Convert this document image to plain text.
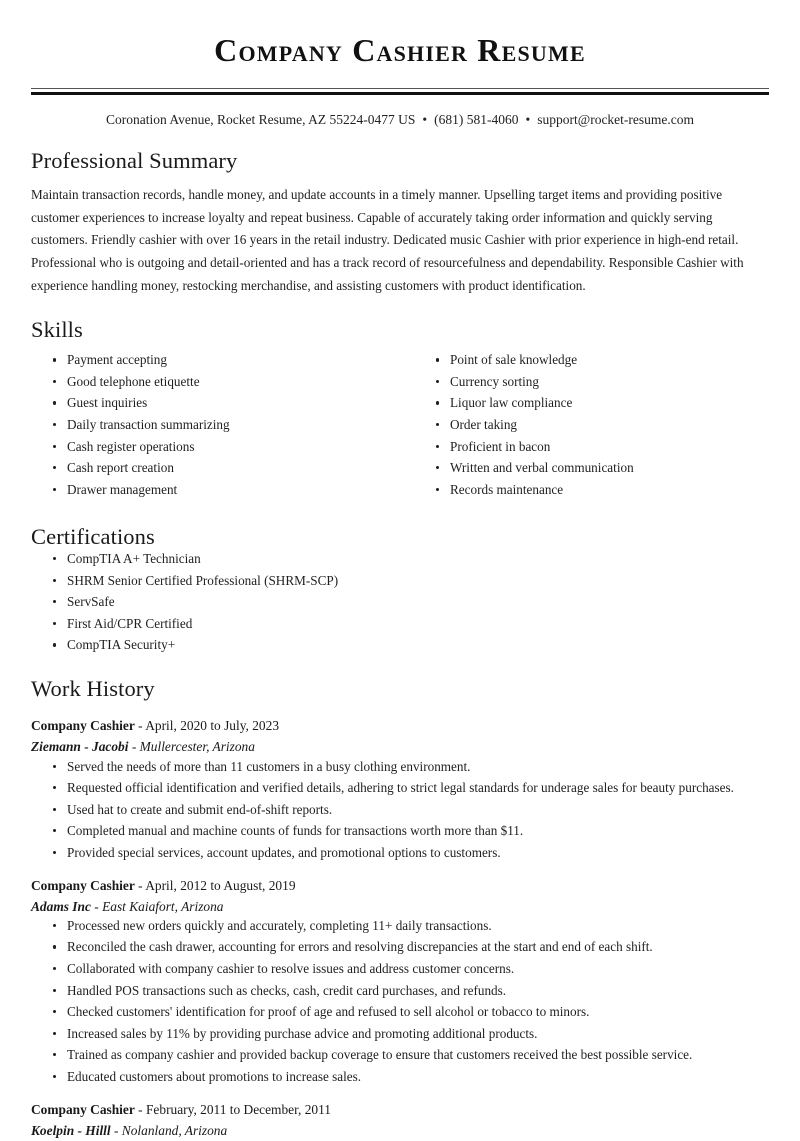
Company Cashier Resume
Coronation Avenue, Rocket Resume, AZ 55224-0477 US • (681) 581-4060 • support@rocket-resume.com
Professional Summary

Maintain transaction records, handle money, and update accounts in a timely manner. Upselling target items and providing positive customer experiences to increase loyalty and repeat business. Capable of accurately taking order information and quickly serving customers. Friendly cashier with over 16 years in the retail industry. Dedicated music Cashier with prior experience in high-end retail. Professional who is outgoing and detail-oriented and has a track record of resourcefulness and dependability. Responsible Cashier with experience handling money, restocking merchandise, and assisting customers with product identification.

Skills
Payment accepting
Good telephone etiquette
Guest inquiries
Daily transaction summarizing
Cash register operations
Cash report creation
Drawer management
Point of sale knowledge
Currency sorting
Liquor law compliance
Order taking
Proficient in bacon
Written and verbal communication
Records maintenance
Certifications
CompTIA A+ Technician
SHRM Senior Certified Professional (SHRM-SCP)
ServSafe
First Aid/CPR Certified
CompTIA Security+
Work History
Company Cashier - April, 2020 to July, 2023
Ziemann - Jacobi - Mullercester, Arizona
Served the needs of more than 11 customers in a busy clothing environment.
Requested official identification and verified details, adhering to strict legal standards for underage sales for beauty purchases.
Used hat to create and submit end-of-shift reports.
Completed manual and machine counts of funds for transactions worth more than $11.
Provided special services, account updates, and promotional options to customers.
Company Cashier - April, 2012 to August, 2019
Adams Inc - East Kaiafort, Arizona
Processed new orders quickly and accurately, completing 11+ daily transactions.
Reconciled the cash drawer, accounting for errors and resolving discrepancies at the start and end of each shift.
Collaborated with company cashier to resolve issues and address customer concerns.
Handled POS transactions such as checks, cash, credit card purchases, and refunds.
Checked customers' identification for proof of age and refused to sell alcohol or tobacco to minors.
Increased sales by 11% by providing purchase advice and promoting additional products.
Trained as company cashier and provided backup coverage to ensure that customers received the best possible service.
Educated customers about promotions to increase sales.
Company Cashier - February, 2011 to December, 2011
Koelpin - Hilll - Nolanland, Arizona
